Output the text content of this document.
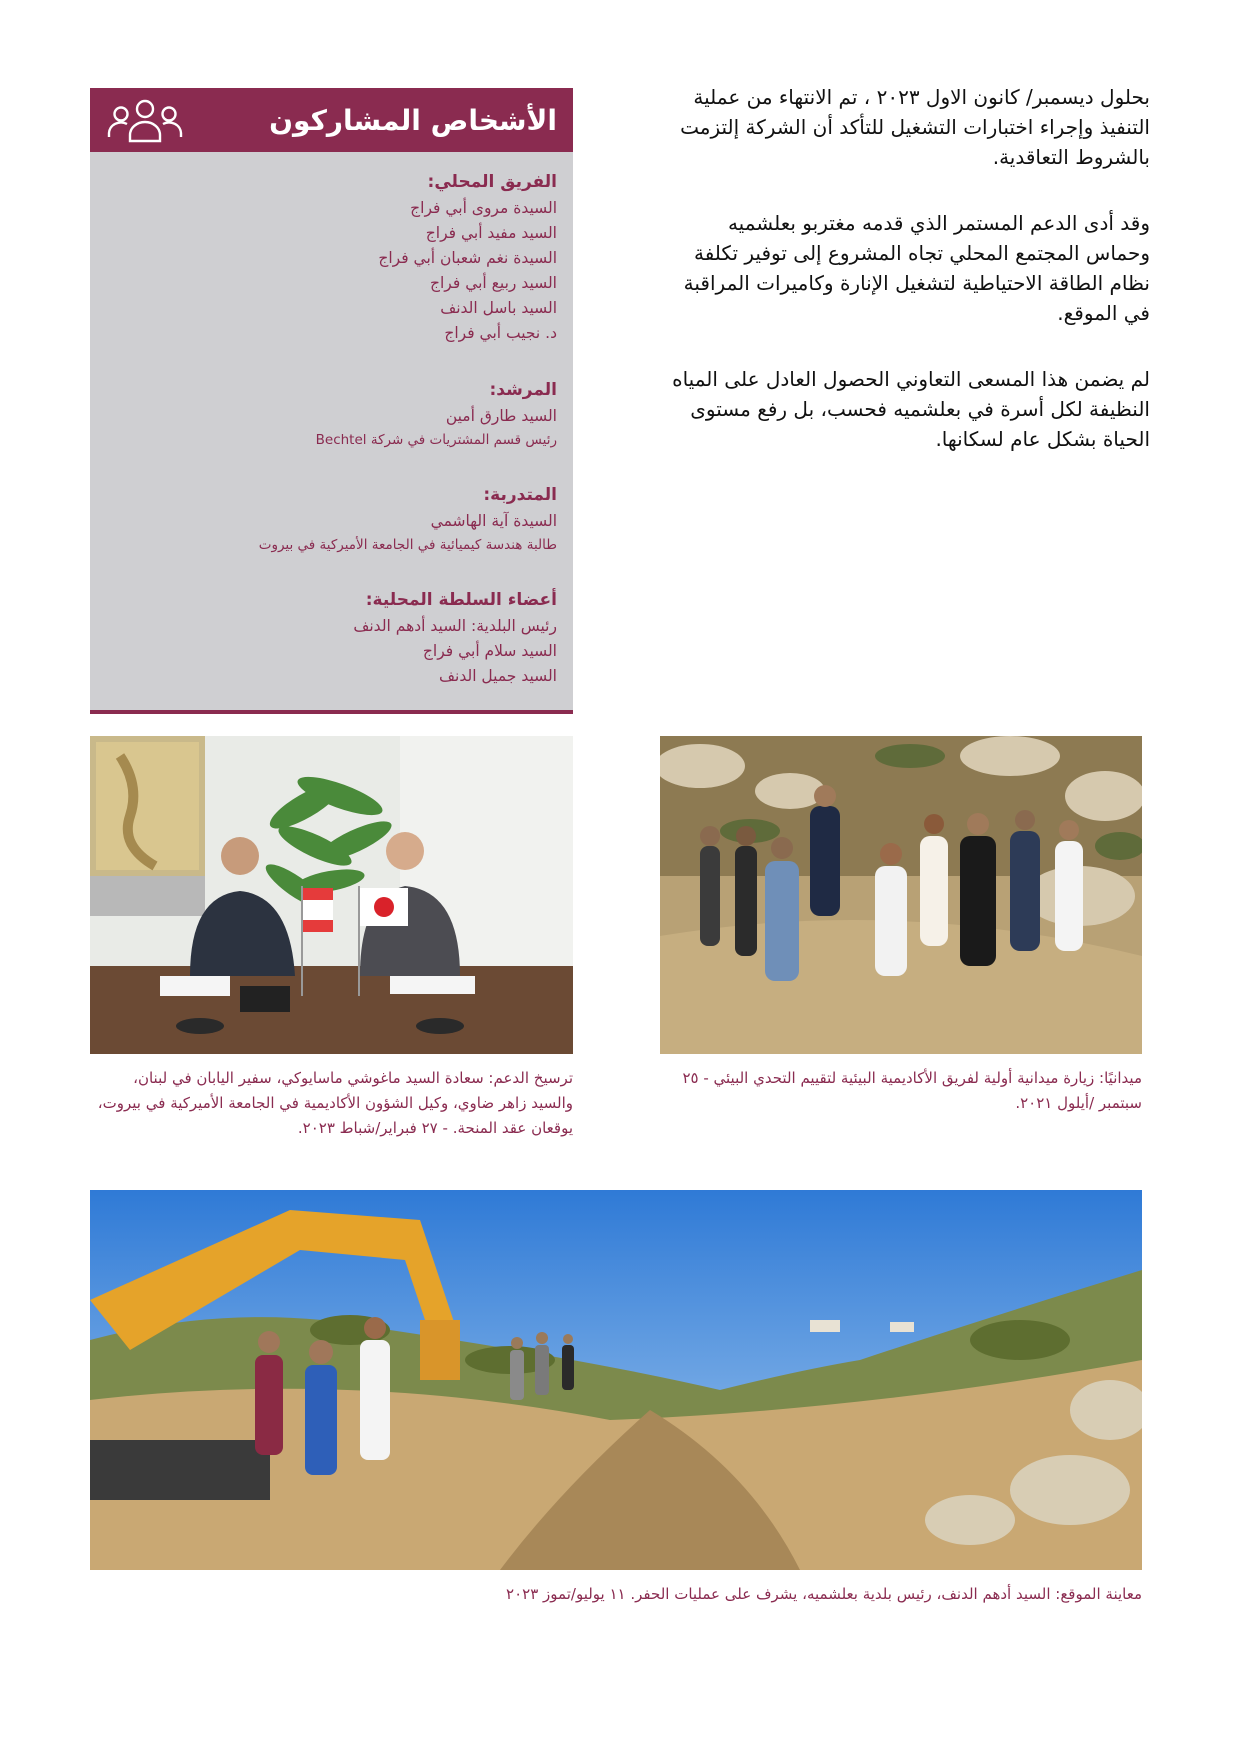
بحلول ديسمبر/ كانون الاول ٢٠٢٣ ، تم الانتهاء من عملية التنفيذ وإجراء اختبارات التشغيل للتأكد أن الشركة إلتزمت بالشروط التعاقدية.

وقد أدى الدعم المستمر الذي قدمه مغتربو بعلشميه وحماس المجتمع المحلي تجاه المشروع إلى توفير تكلفة نظام الطاقة الاحتياطية لتشغيل الإنارة وكاميرات المراقبة في الموقع.

لم يضمن هذا المسعى التعاوني الحصول العادل على المياه النظيفة لكل أسرة في بعلشميه فحسب، بل رفع مستوى الحياة بشكل عام لسكانها.

الأشخاص المشاركون
الفريق المحلي:
السيدة مروى أبي فراج
السيد مفيد أبي فراج
السيدة نغم شعبان أبي فراج
السيد ربيع أبي فراج
السيد باسل الدنف
د. نجيب أبي فراج
المرشد:
السيد طارق أمين
رئيس قسم المشتريات في شركة Bechtel
المتدربة:
السيدة آية الهاشمي
طالبة هندسة كيميائية في الجامعة الأميركية في بيروت
أعضاء السلطة المحلية:
رئيس البلدية: السيد أدهم الدنف
السيد سلام أبي فراج
السيد جميل الدنف
ترسيخ الدعم: سعادة السيد ماغوشي ماسايوكي، سفير اليابان في لبنان، والسيد زاهر ضاوي، وكيل الشؤون الأكاديمية في الجامعة الأميركية في بيروت، يوقعان عقد المنحة. - ٢٧ فبراير/شباط ٢٠٢٣.
ميدانيًا: زيارة ميدانية أولية لفريق الأكاديمية البيئية لتقييم التحدي البيئي - ٢٥ سبتمبر /أيلول ٢٠٢١.
معاينة الموقع: السيد أدهم الدنف، رئيس بلدية بعلشميه، يشرف على عمليات الحفر. ١١ يوليو/تموز ٢٠٢٣
